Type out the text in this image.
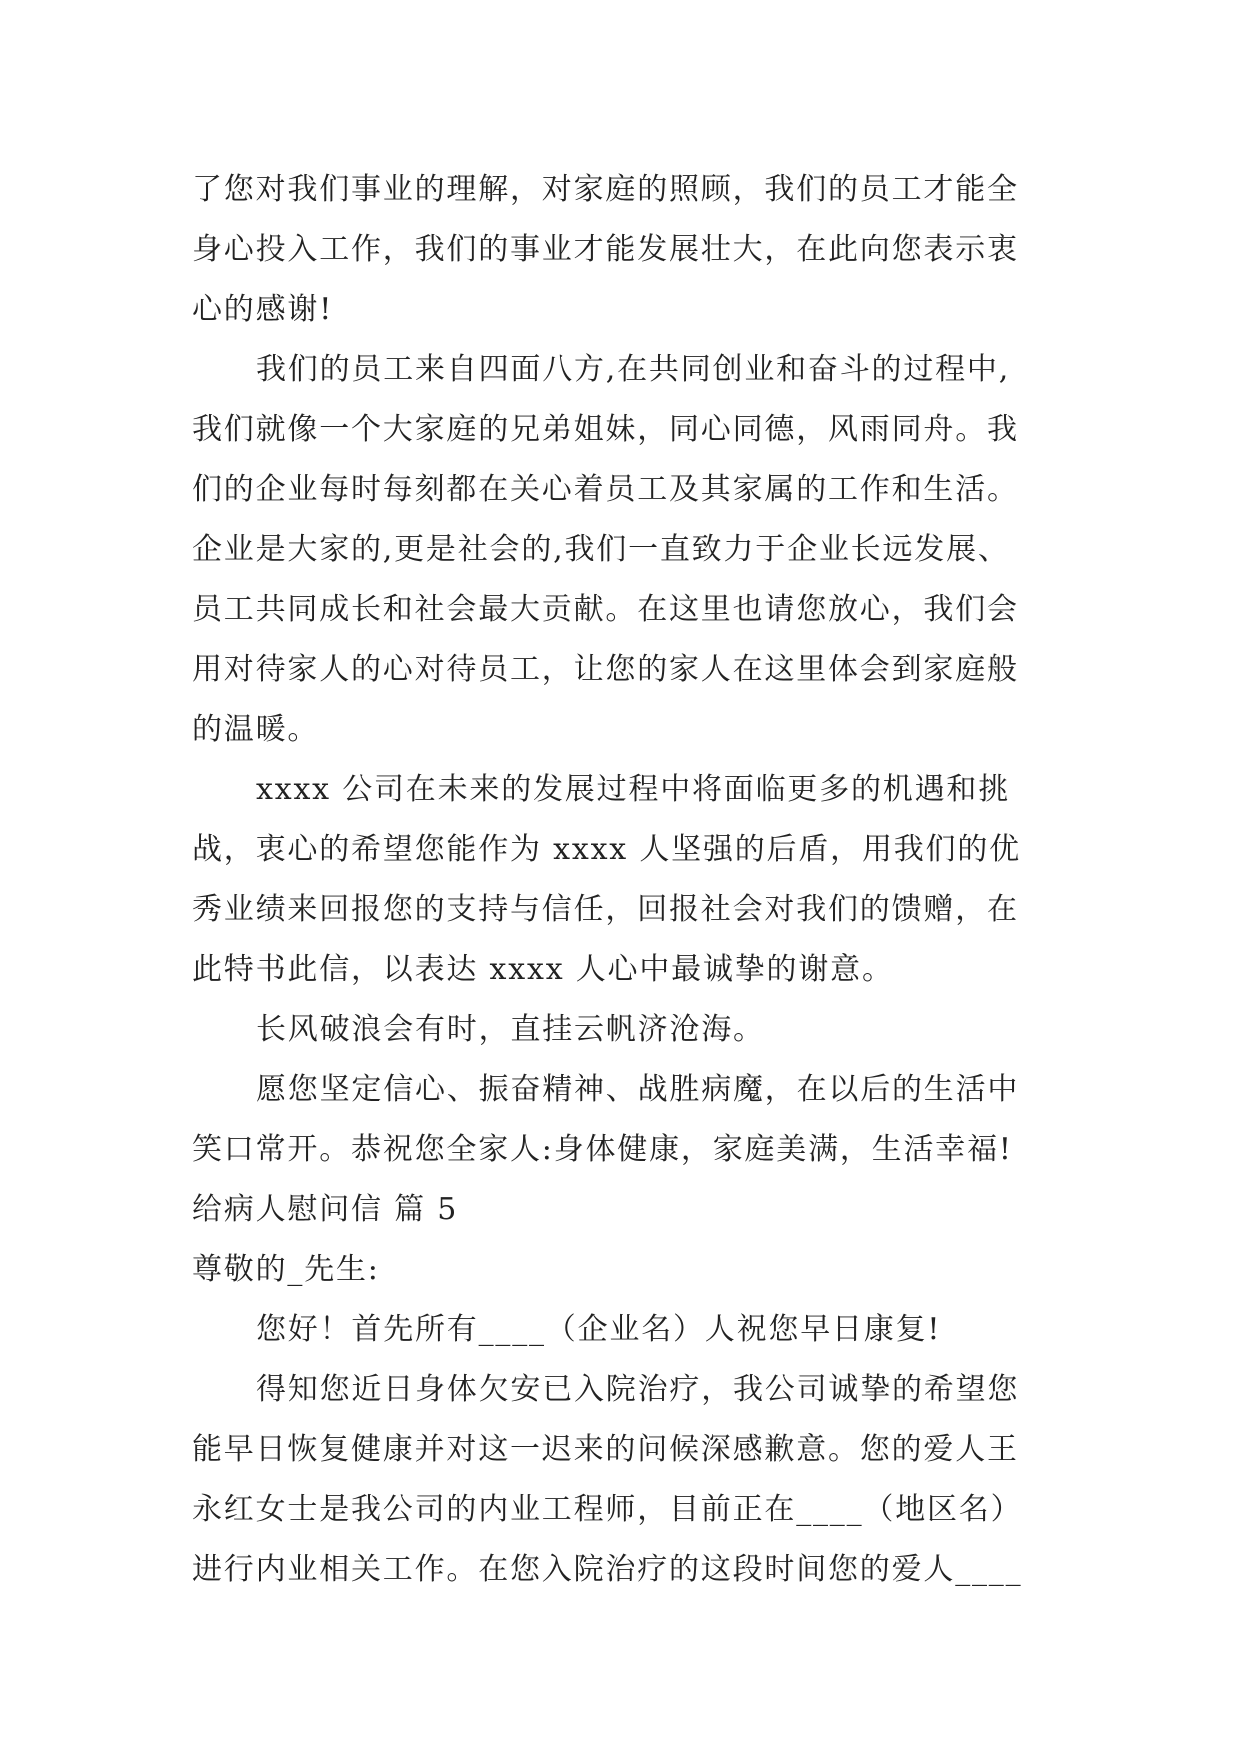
了您对我们事业的理解，对家庭的照顾，我们的员工才能全
身心投入工作，我们的事业才能发展壮大，在此向您表示衷
心的感谢!
我们的员工来自四面八方,在共同创业和奋斗的过程中,
我们就像一个大家庭的兄弟姐妹，同心同德，风雨同舟。我
们的企业每时每刻都在关心着员工及其家属的工作和生活。
企业是大家的,更是社会的,我们一直致力于企业长远发展、
员工共同成长和社会最大贡献。在这里也请您放心，我们会
用对待家人的心对待员工，让您的家人在这里体会到家庭般
的温暖。
xxxx 公司在未来的发展过程中将面临更多的机遇和挑
战，衷心的希望您能作为 xxxx 人坚强的后盾，用我们的优
秀业绩来回报您的支持与信任，回报社会对我们的馈赠，在
此特书此信，以表达 xxxx 人心中最诚挚的谢意。
长风破浪会有时，直挂云帆济沧海。
愿您坚定信心、振奋精神、战胜病魔，在以后的生活中
笑口常开。恭祝您全家人:身体健康，家庭美满，生活幸福!
给病人慰问信 篇 5
尊敬的_先生:
您好！首先所有____（企业名）人祝您早日康复!
得知您近日身体欠安已入院治疗，我公司诚挚的希望您
能早日恢复健康并对这一迟来的问候深感歉意。您的爱人王
永红女士是我公司的内业工程师，目前正在____（地区名）
进行内业相关工作。在您入院治疗的这段时间您的爱人____
